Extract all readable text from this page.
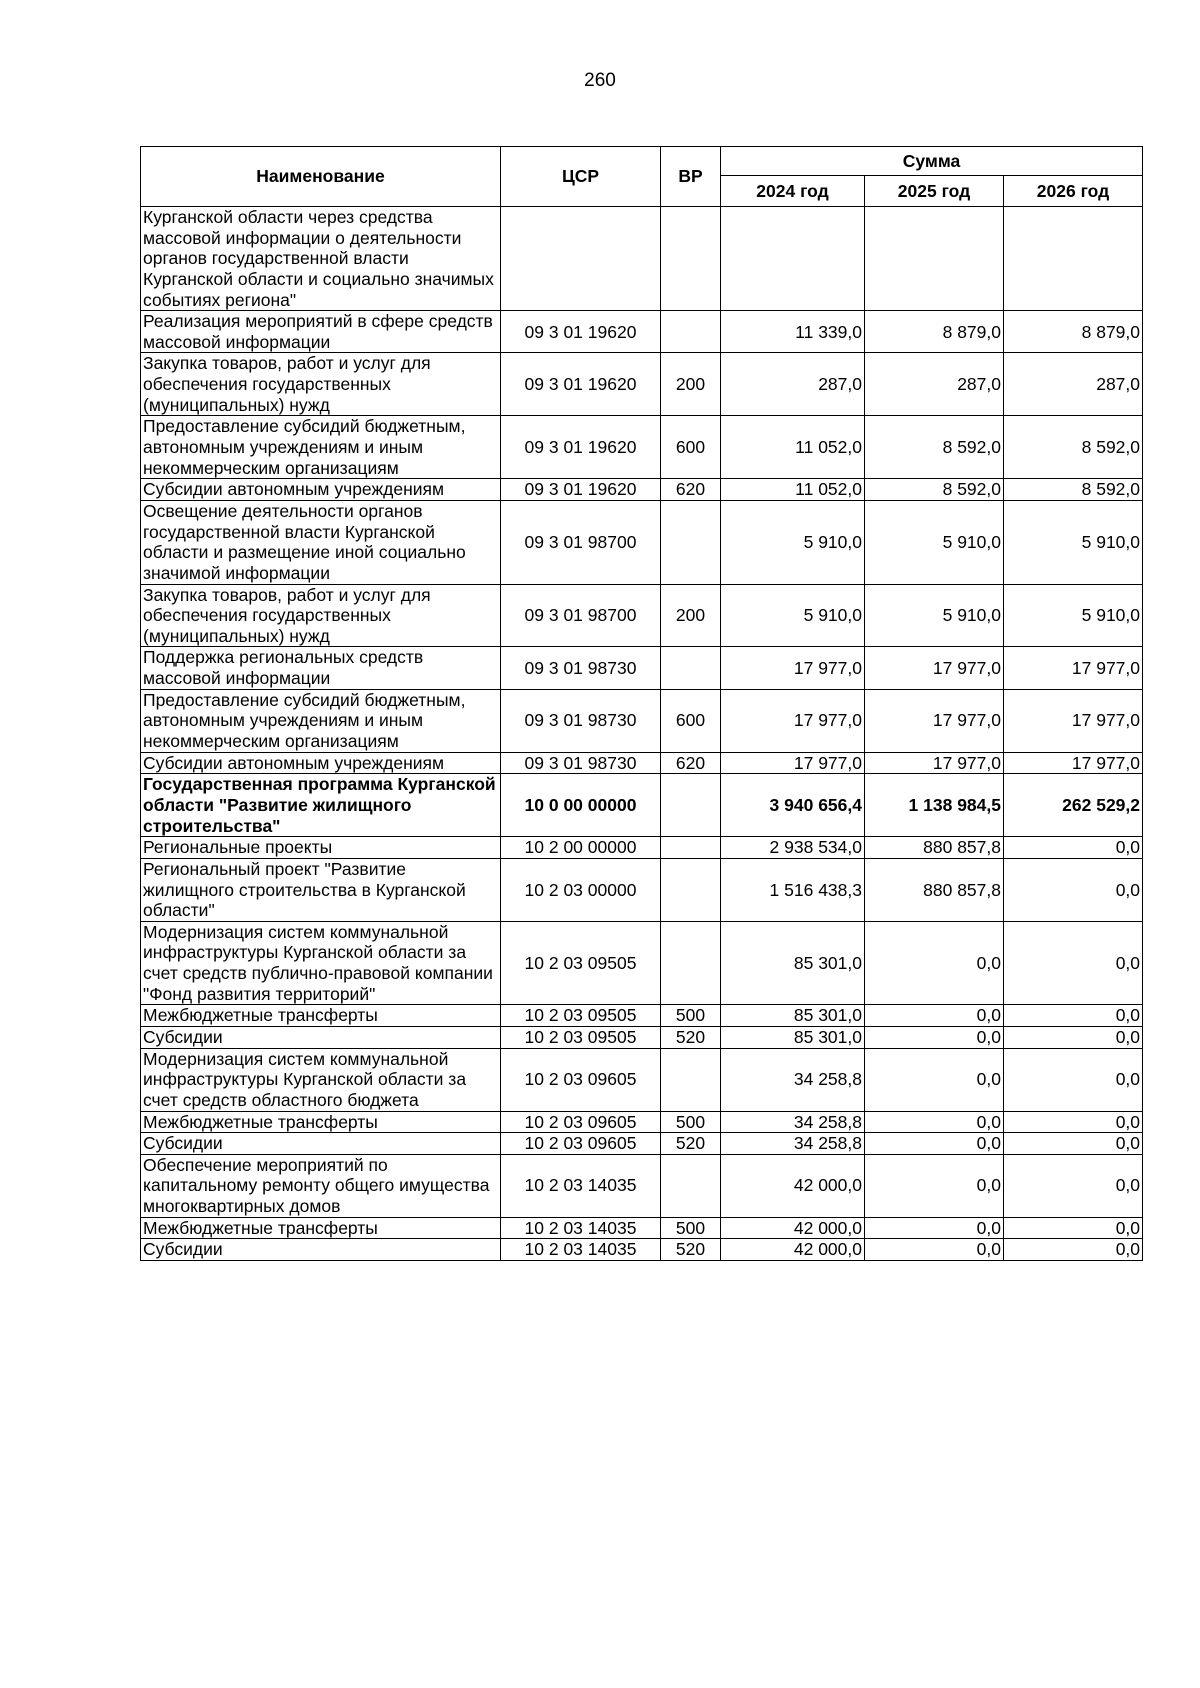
260
Наименование	ЦСР	ВР	Сумма		
			2024 год	2025 год	2026 год
Курганской области через средства массовой информации о деятельности органов государственной власти Курганской области и социально значимых событиях региона"					
Реализация мероприятий в сфере средств массовой информации	09 3 01 19620		11 339,0	8 879,0	8 879,0
Закупка товаров, работ и услуг для обеспечения государственных (муниципальных) нужд	09 3 01 19620	200	287,0	287,0	287,0
Предоставление субсидий бюджетным, автономным учреждениям и иным некоммерческим организациям	09 3 01 19620	600	11 052,0	8 592,0	8 592,0
Субсидии автономным учреждениям	09 3 01 19620	620	11 052,0	8 592,0	8 592,0
Освещение деятельности органов государственной власти Курганской области и размещение иной социально значимой информации	09 3 01 98700		5 910,0	5 910,0	5 910,0
Закупка товаров, работ и услуг для обеспечения государственных (муниципальных) нужд	09 3 01 98700	200	5 910,0	5 910,0	5 910,0
Поддержка региональных средств массовой информации	09 3 01 98730		17 977,0	17 977,0	17 977,0
Предоставление субсидий бюджетным, автономным учреждениям и иным некоммерческим организациям	09 3 01 98730	600	17 977,0	17 977,0	17 977,0
Субсидии автономным учреждениям	09 3 01 98730	620	17 977,0	17 977,0	17 977,0
Государственная программа Курганской области "Развитие жилищного строительства"	10 0 00 00000		3 940 656,4	1 138 984,5	262 529,2
Региональные проекты	10 2 00 00000		2 938 534,0	880 857,8	0,0
Региональный проект "Развитие жилищного строительства в Курганской области"	10 2 03 00000		1 516 438,3	880 857,8	0,0
Модернизация систем коммунальной инфраструктуры Курганской области за счет средств публично-правовой компании "Фонд развития территорий"	10 2 03 09505		85 301,0	0,0	0,0
Межбюджетные трансферты	10 2 03 09505	500	85 301,0	0,0	0,0
Субсидии	10 2 03 09505	520	85 301,0	0,0	0,0
Модернизация систем коммунальной инфраструктуры Курганской области за счет средств областного бюджета	10 2 03 09605		34 258,8	0,0	0,0
Межбюджетные трансферты	10 2 03 09605	500	34 258,8	0,0	0,0
Субсидии	10 2 03 09605	520	34 258,8	0,0	0,0
Обеспечение мероприятий по капитальному ремонту общего имущества многоквартирных домов	10 2 03 14035		42 000,0	0,0	0,0
Межбюджетные трансферты	10 2 03 14035	500	42 000,0	0,0	0,0
Субсидии	10 2 03 14035	520	42 000,0	0,0	0,0
